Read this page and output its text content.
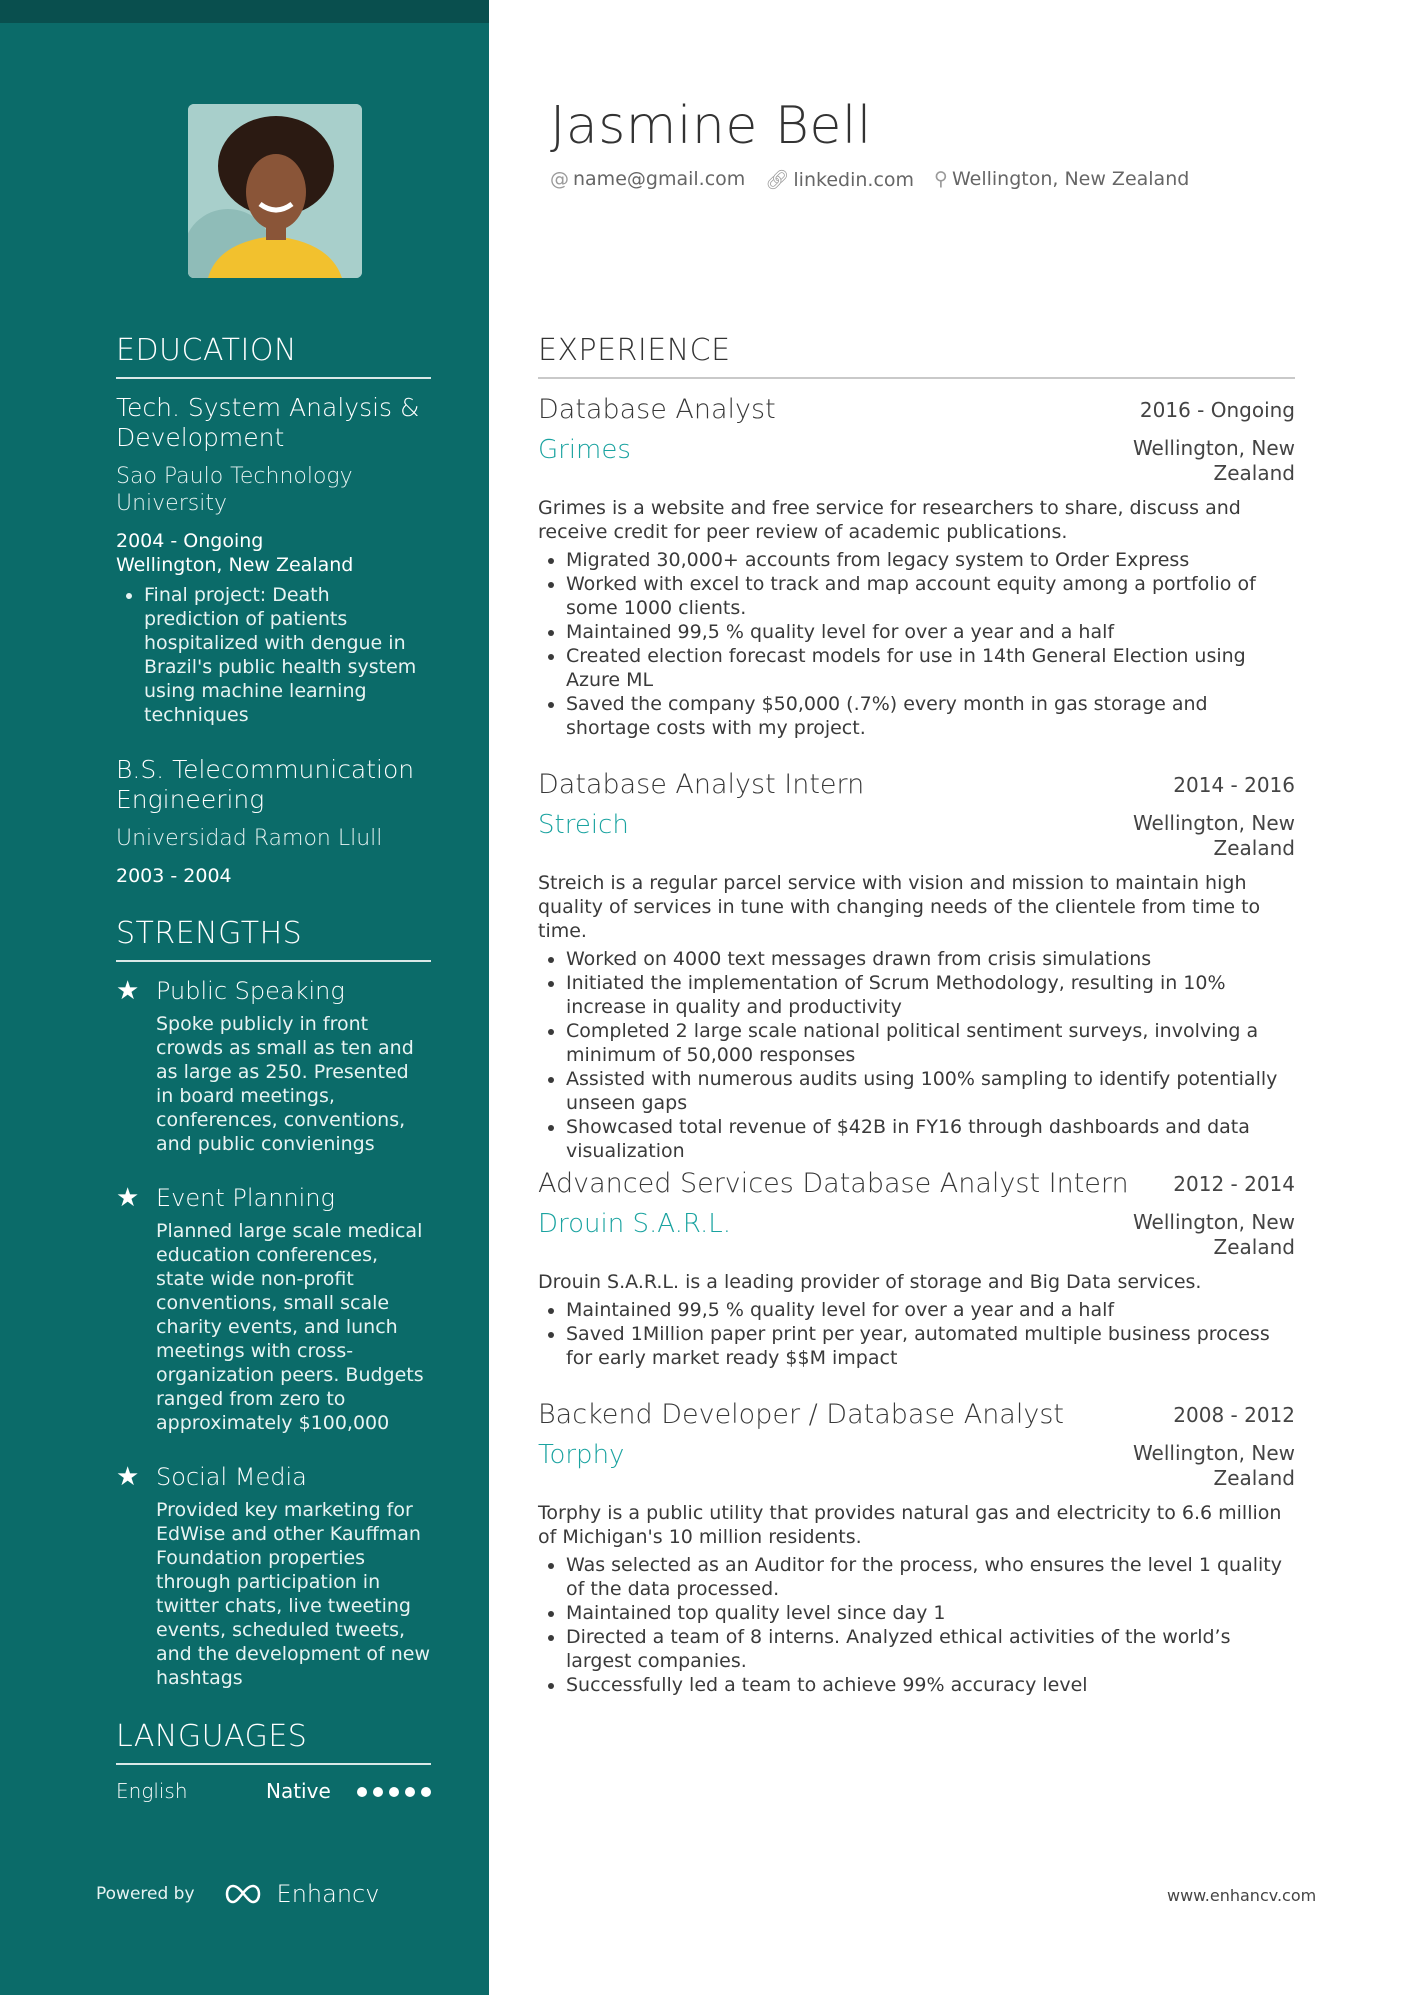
EDUCATION
Tech. System Analysis & Development
Sao Paulo Technology University
2004 - Ongoing
Wellington, New Zealand
• Final project: Death prediction of patients hospitalized with dengue in Brazil's public health system using machine learning techniques
B.S. Telecommunication Engineering
Universidad Ramon Llull
2003 - 2004
STRENGTHS
★ Public Speaking
Spoke publicly in front crowds as small as ten and as large as 250. Presented in board meetings, conferences, conventions, and public convienings
★ Event Planning
Planned large scale medical education conferences, state wide non-profit conventions, small scale charity events, and lunch meetings with cross-organization peers. Budgets ranged from zero to approximately $100,000
★ Social Media
Provided key marketing for EdWise and other Kauffman Foundation properties through participation in twitter chats, live tweeting events, scheduled tweets, and the development of new hashtags
LANGUAGES
English	Native
Powered by	Enhancv
Jasmine Bell
@ name@gmail.com 🔗︎ linkedin.com ⚲ Wellington, New Zealand
EXPERIENCE
Database Analyst	2016 - Ongoing
Grimes	Wellington, New Zealand
Grimes is a website and free service for researchers to share, discuss and receive credit for peer review of academic publications.
• Migrated 30,000+ accounts from legacy system to Order Express
• Worked with excel to track and map account equity among a portfolio of some 1000 clients.
• Maintained 99,5 % quality level for over a year and a half
• Created election forecast models for use in 14th General Election using Azure ML
• Saved the company $50,000 (.7%) every month in gas storage and shortage costs with my project.
Database Analyst Intern	2014 - 2016
Streich	Wellington, New Zealand
Streich is a regular parcel service with vision and mission to maintain high quality of services in tune with changing needs of the clientele from time to time.
• Worked on 4000 text messages drawn from crisis simulations
• Initiated the implementation of Scrum Methodology, resulting in 10% increase in quality and productivity
• Completed 2 large scale national political sentiment surveys, involving a minimum of 50,000 responses
• Assisted with numerous audits using 100% sampling to identify potentially unseen gaps
• Showcased total revenue of $42B in FY16 through dashboards and data visualization
Advanced Services Database Analyst Intern	2012 - 2014
Drouin S.A.R.L.	Wellington, New Zealand
Drouin S.A.R.L. is a leading provider of storage and Big Data services.
• Maintained 99,5 % quality level for over a year and a half
• Saved 1Million paper print per year, automated multiple business process for early market ready $$M impact
Backend Developer / Database Analyst	2008 - 2012
Torphy	Wellington, New Zealand
Torphy is a public utility that provides natural gas and electricity to 6.6 million of Michigan's 10 million residents.
• Was selected as an Auditor for the process, who ensures the level 1 quality of the data processed.
• Maintained top quality level since day 1
• Directed a team of 8 interns. Analyzed ethical activities of the world’s largest companies.
• Successfully led a team to achieve 99% accuracy level
www.enhancv.com
